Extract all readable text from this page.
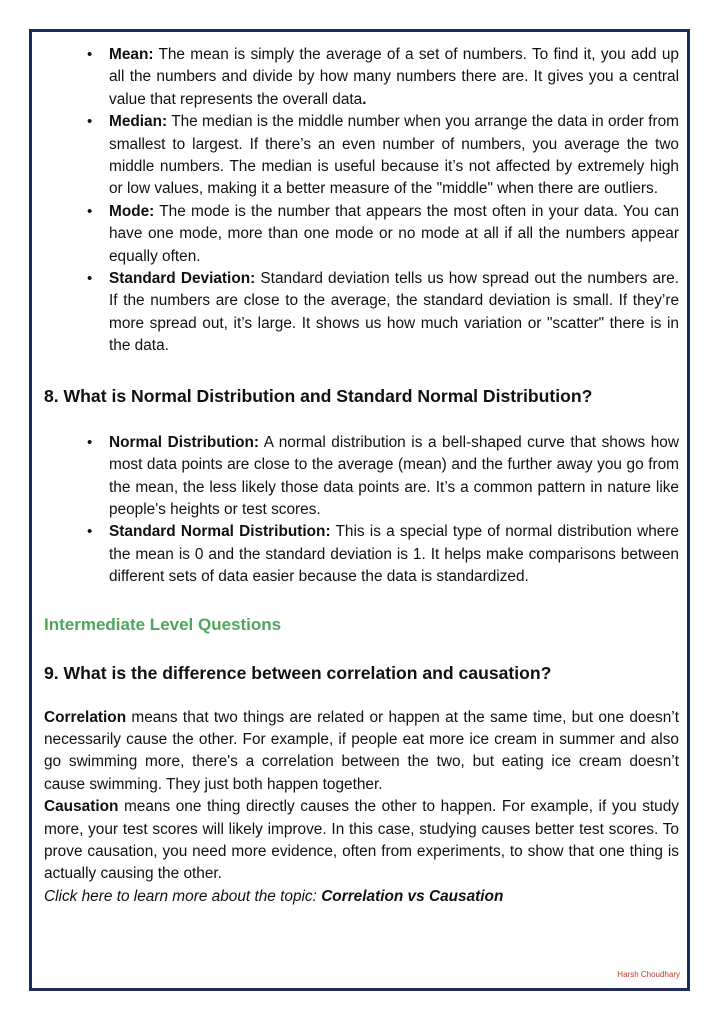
• Mean: The mean is simply the average of a set of numbers. To find it, you add up all the numbers and divide by how many numbers there are. It gives you a central value that represents the overall data.
• Median: The median is the middle number when you arrange the data in order from smallest to largest. If there’s an even number of numbers, you average the two middle numbers. The median is useful because it’s not affected by extremely high or low values, making it a better measure of the "middle" when there are outliers.
• Mode: The mode is the number that appears the most often in your data. You can have one mode, more than one mode or no mode at all if all the numbers appear equally often.
• Standard Deviation: Standard deviation tells us how spread out the numbers are. If the numbers are close to the average, the standard deviation is small. If they’re more spread out, it’s large. It shows us how much variation or "scatter" there is in the data.
8. What is Normal Distribution and Standard Normal Distribution?
• Normal Distribution: A normal distribution is a bell-shaped curve that shows how most data points are close to the average (mean) and the further away you go from the mean, the less likely those data points are. It’s a common pattern in nature like people's heights or test scores.
• Standard Normal Distribution: This is a special type of normal distribution where the mean is 0 and the standard deviation is 1. It helps make comparisons between different sets of data easier because the data is standardized.
Intermediate Level Questions
9. What is the difference between correlation and causation?

Correlation means that two things are related or happen at the same time, but one doesn’t necessarily cause the other. For example, if people eat more ice cream in summer and also go swimming more, there's a correlation between the two, but eating ice cream doesn’t cause swimming. They just both happen together.

Causation means one thing directly causes the other to happen. For example, if you study more, your test scores will likely improve. In this case, studying causes better test scores. To prove causation, you need more evidence, often from experiments, to show that one thing is actually causing the other.

Click here to learn more about the topic: Correlation vs Causation

Harsh Choudhary
